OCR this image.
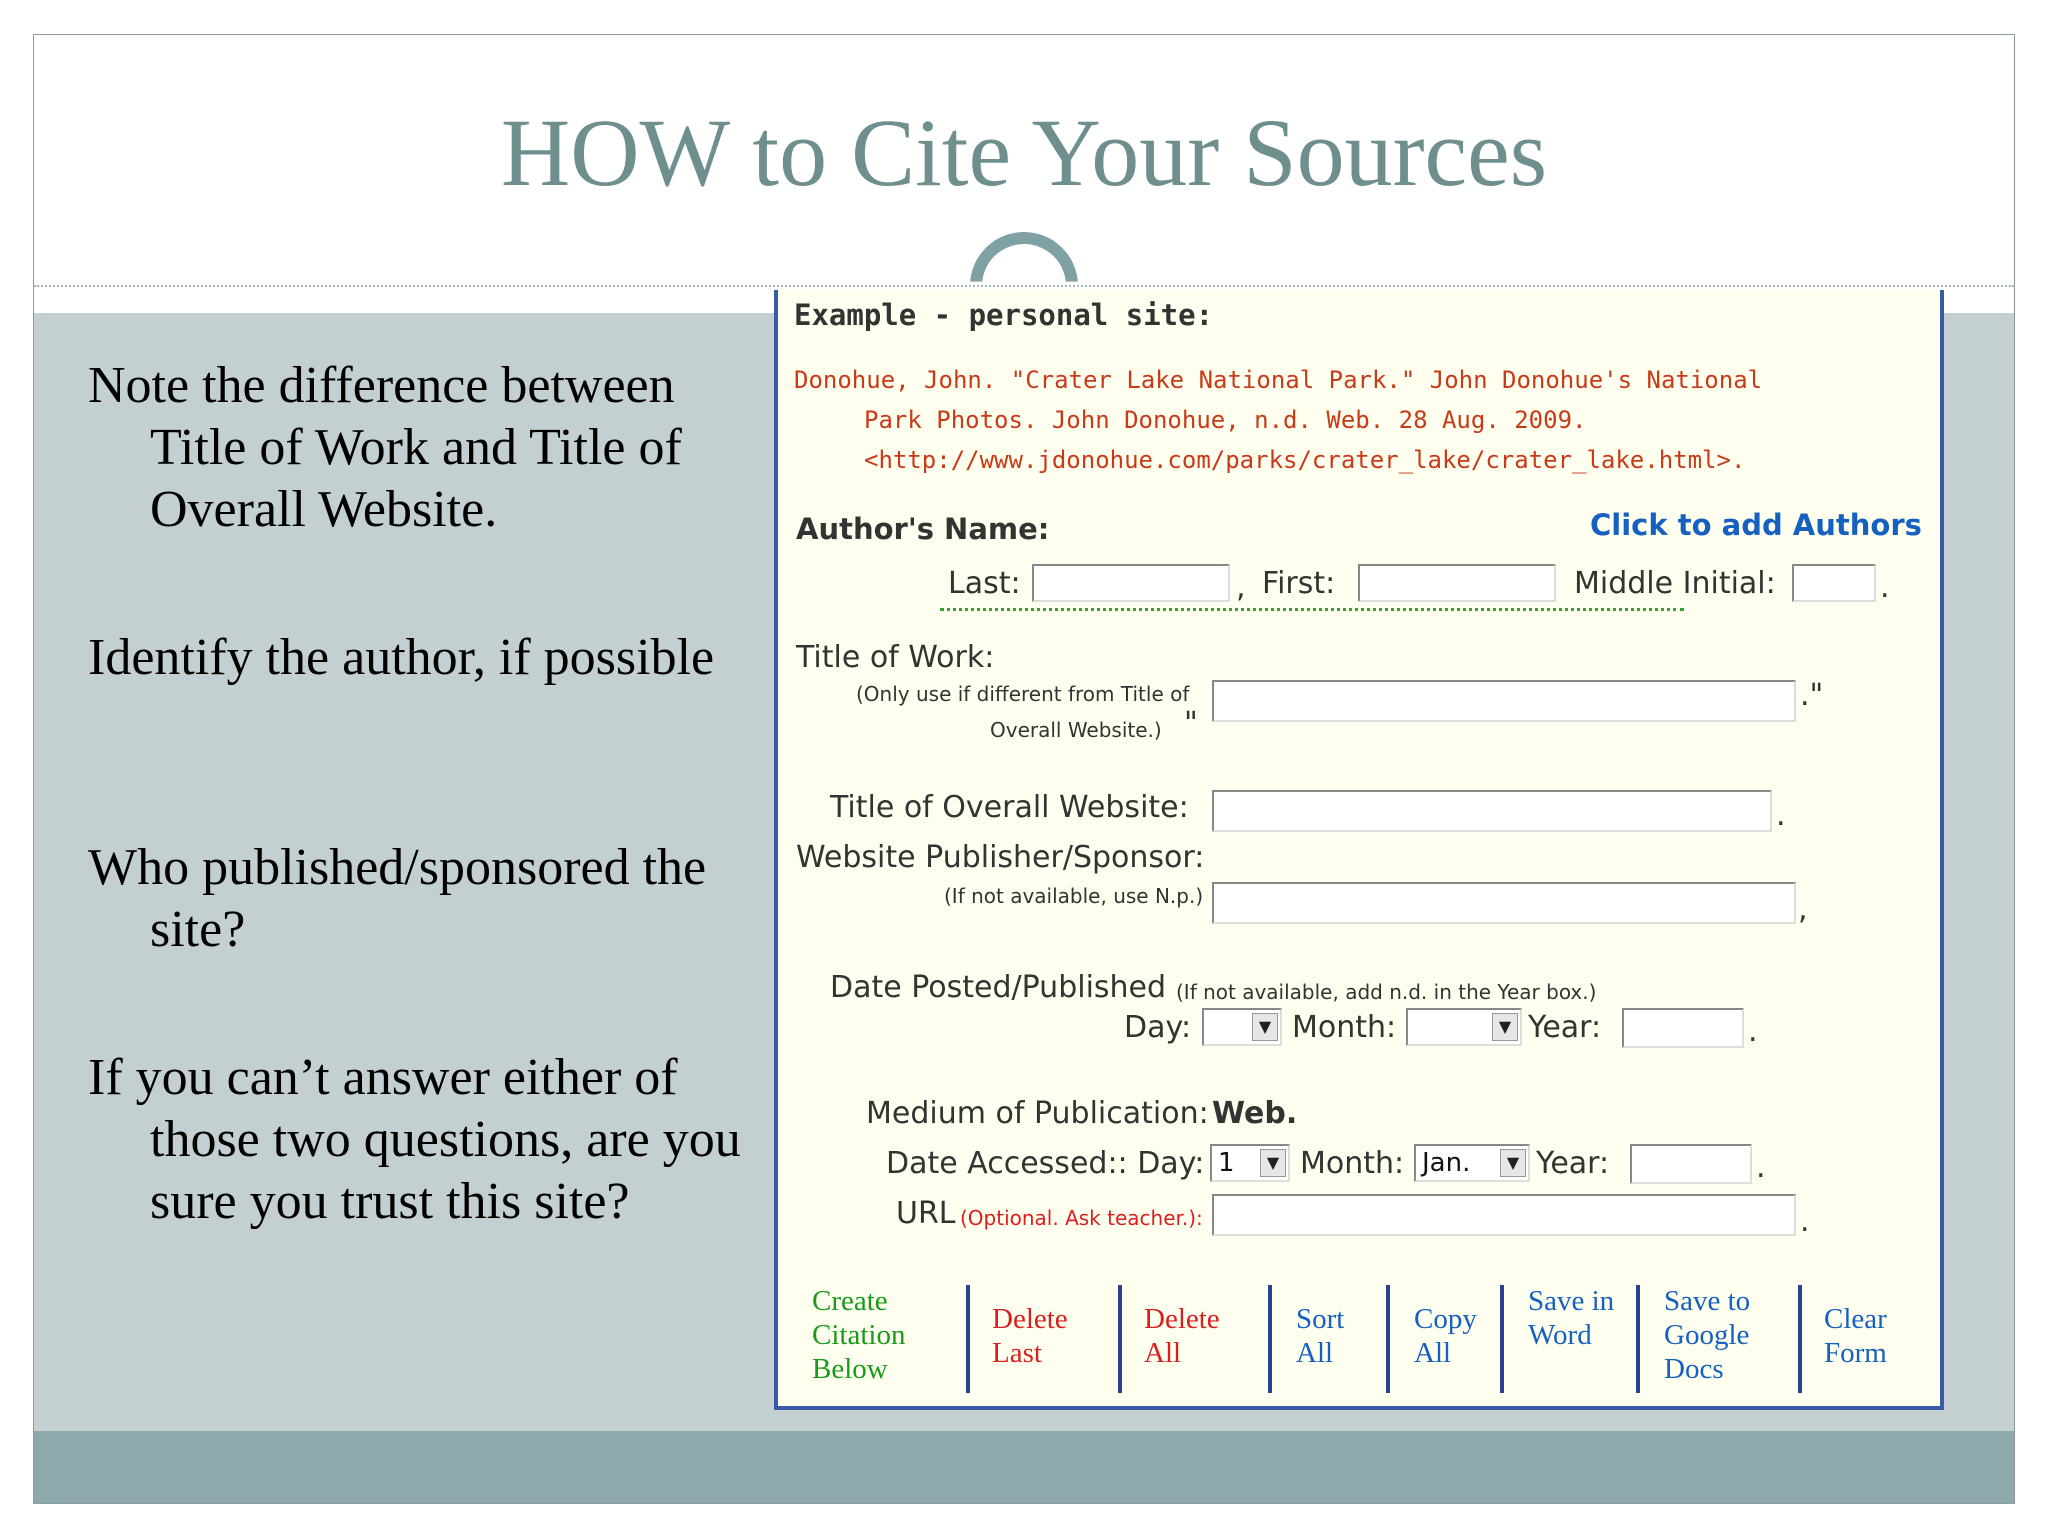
HOW to Cite Your Sources

Note the difference between Title of Work and Title of Overall Website.

Identify the author, if possible

Who published/sponsored the site?

If you can’t answer either of those two questions, are you sure you trust this site?

Example - personal site:
Donohue, John. "Crater Lake National Park." John Donohue's National
Park Photos. John Donohue, n.d. Web. 28 Aug. 2009.
<http://www.jdonohue.com/parks/crater_lake/crater_lake.html>.
Author's Name:	Click to add Authors
Last:	, First:	Middle Initial:	.
Title of Work:
(Only use if different from Title of
Overall Website.) "
."
Title of Overall Website:	.
Website Publisher/Sponsor:
(If not available, use N.p.)	,
Date Posted/Published (If not available, add n.d. in the Year box.)
Day:	▼ Month:	▼ Year:	.
Medium of Publication: Web.
Date Accessed:: Day: 1	▼ Month: Jan.	▼ Year:	.
URL (Optional. Ask teacher.):	.
Create Citation Below
Delete Last
Delete All
Sort All
Copy All
Save in Word
Save to Google Docs
Clear Form
